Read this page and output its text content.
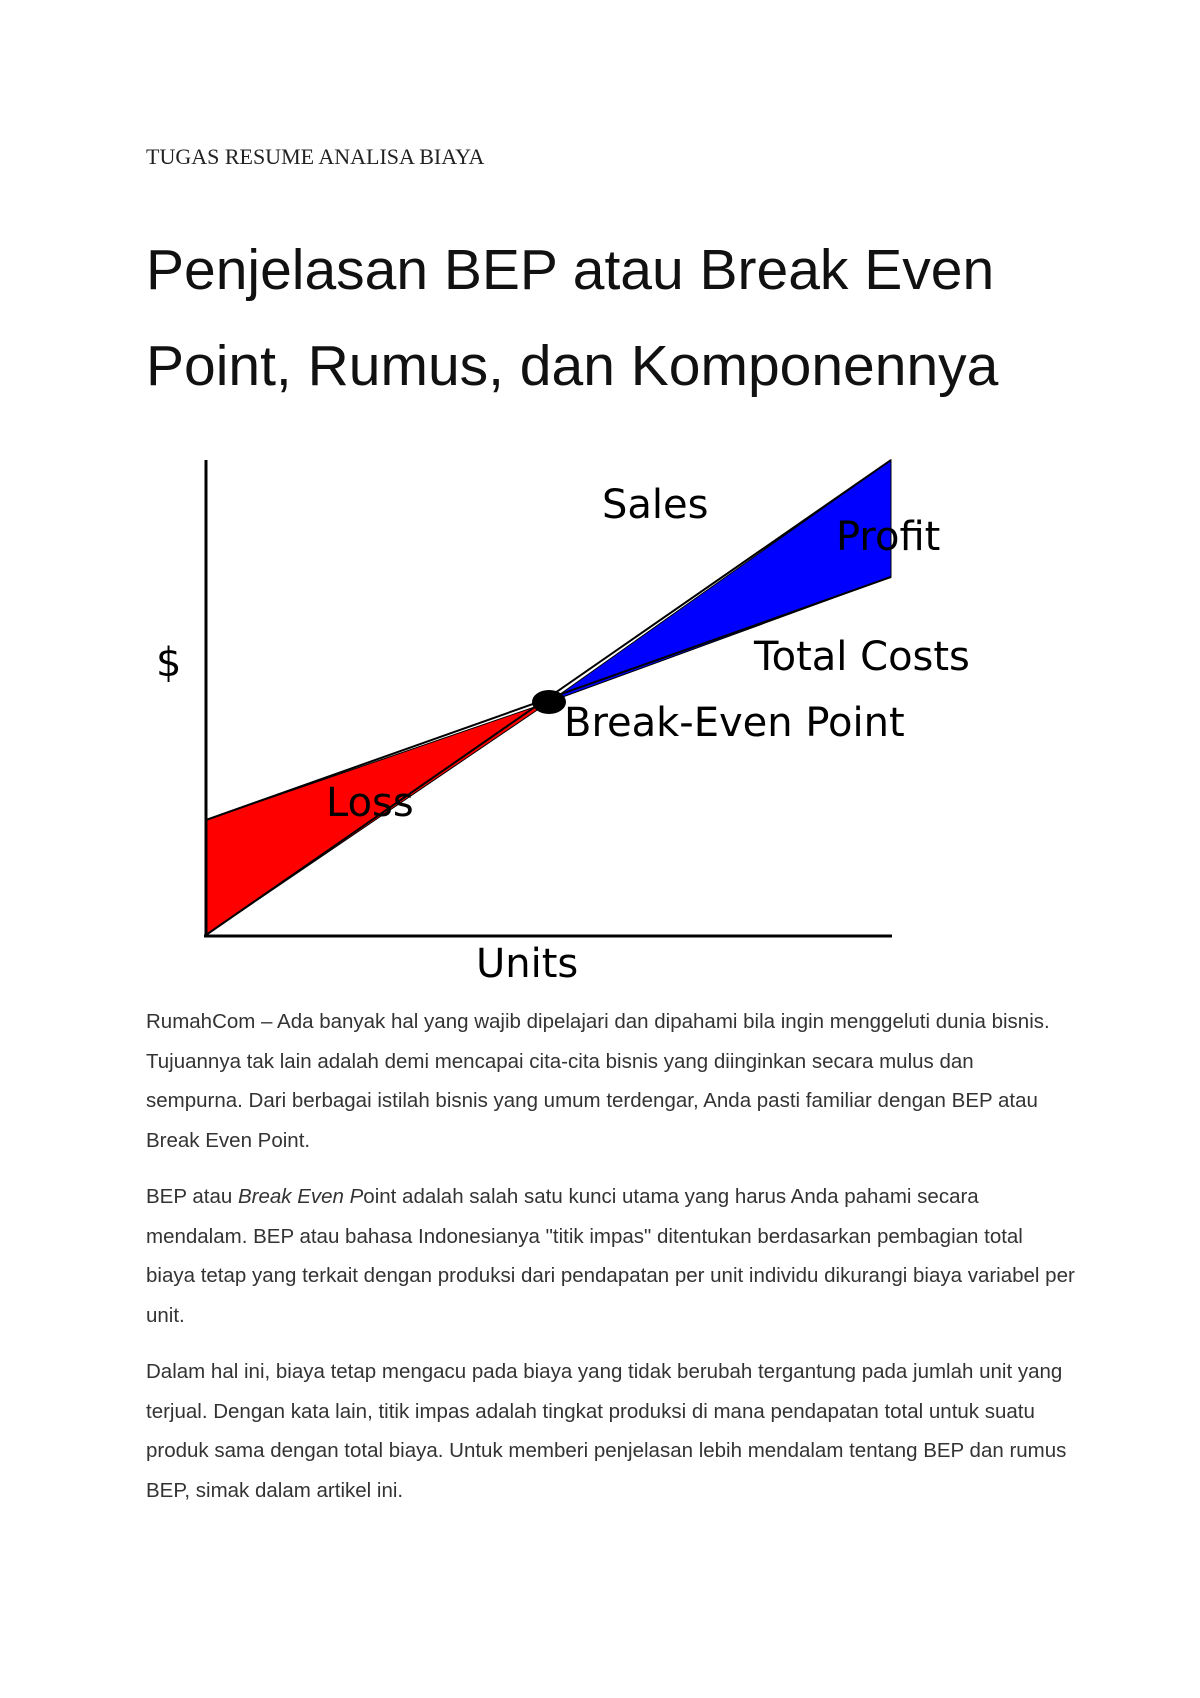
TUGAS RESUME ANALISA BIAYA

Penjelasan BEP atau Break Even Point, Rumus, dan Komponennya
$
Units
Sales
Profit
Total Costs
Break-Even Point
Loss

RumahCom – Ada banyak hal yang wajib dipelajari dan dipahami bila ingin menggeluti dunia bisnis. Tujuannya tak lain adalah demi mencapai cita-cita bisnis yang diinginkan secara mulus dan sempurna. Dari berbagai istilah bisnis yang umum terdengar, Anda pasti familiar dengan BEP atau Break Even Point.

BEP atau Break Even Point adalah salah satu kunci utama yang harus Anda pahami secara mendalam. BEP atau bahasa Indonesianya "titik impas" ditentukan berdasarkan pembagian total biaya tetap yang terkait dengan produksi dari pendapatan per unit individu dikurangi biaya variabel per unit.

Dalam hal ini, biaya tetap mengacu pada biaya yang tidak berubah tergantung pada jumlah unit yang terjual. Dengan kata lain, titik impas adalah tingkat produksi di mana pendapatan total untuk suatu produk sama dengan total biaya. Untuk memberi penjelasan lebih mendalam tentang BEP dan rumus BEP, simak dalam artikel ini.
